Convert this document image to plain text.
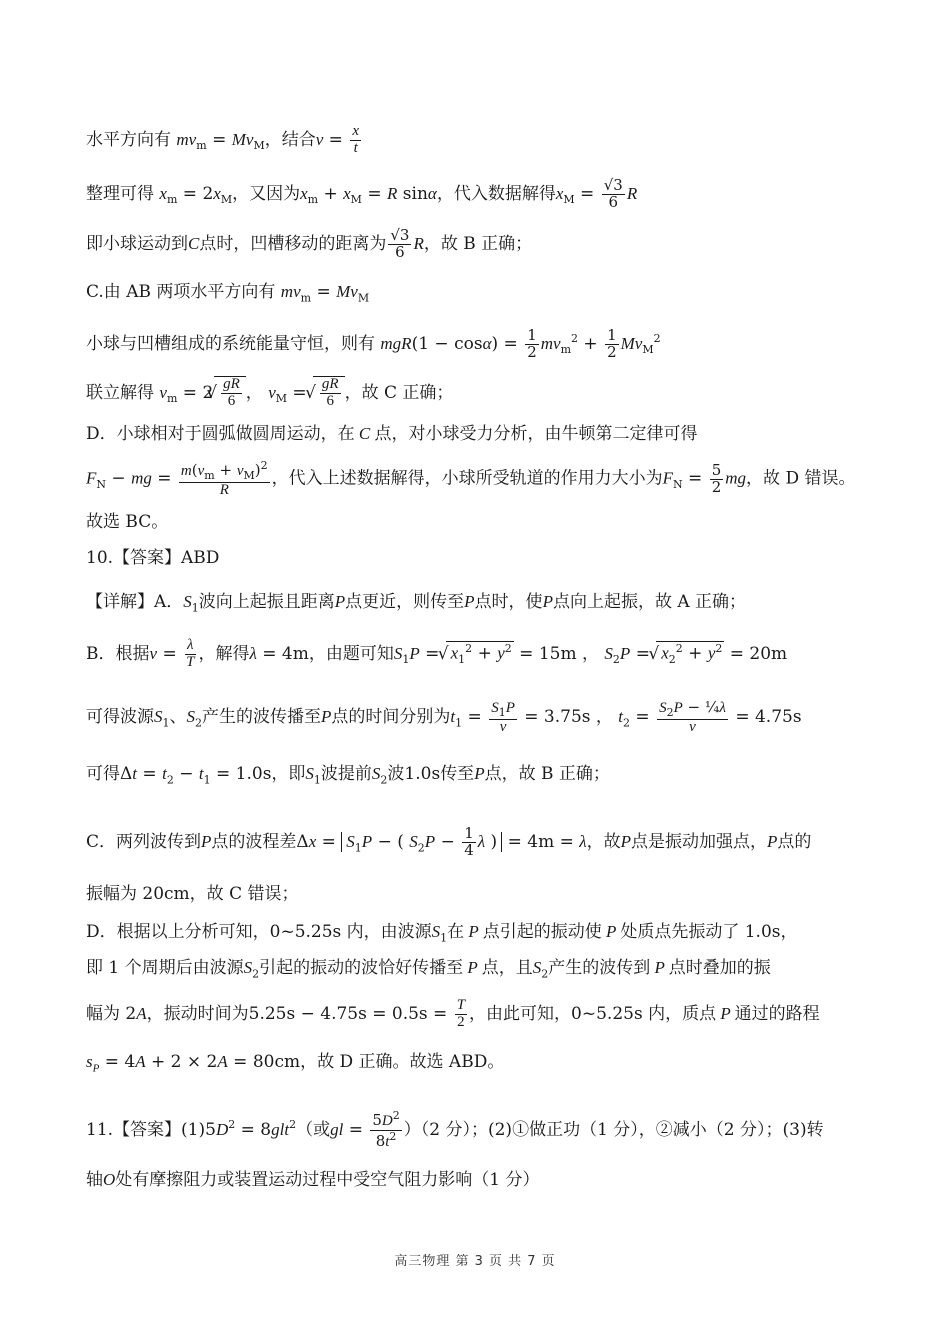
水平方向有 $mv_m = Mv_M$，结合$v = \frac{x}{t}$
整理可得 $x_m = 2x_M$，又因为$x_m + x_M = R$ sinα，代入数据解得$x_M = \frac{√3}{6}$ R
即小球运动到C点时，凹槽移动的距离为 $\frac{√3}{6}$ R，故 B 正确；
C.由 AB 两项水平方向有 $mv_m = Mv_M$
小球与凹槽组成的系统能量守恒，则有 $mgR(1 - \cos\alpha) = \frac{1}{2} mv_m^2 + \frac{1}{2} Mv_M^2$
联立解得 $v_m = 2$ √ $\frac{gR}{6}$ ， $v_M$ = √ $\frac{gR}{6}$ ，故 C 正确；
D．小球相对于圆弧做圆周运动，在 C 点，对小球受力分析，由牛顿第二定律可得
$F_N$ − mg = $\frac{m(v_m + v_M)^2}{R}$ ，代入上述数据解得，小球所受轨道的作用力大小为$F_N = \frac{5}{2}$ mg，故 D 错误。
故选 BC。
10.【答案】ABD
【详解】A．$S_1$波向上起振且距离P点更近，则传至P点时，使P点向上起振，故 A 正确；
B．根据$v = \frac{\lambda}{T}$ ，解得λ = 4m，由题可知$S_1P$ = √ $x_1^2 + y^2 = 15m$ ， $S_2P$ = √ $x_2^2 + y^2 = 20m$
可得波源$S_1$、$S_2$产生的波传播至P点的时间分别为$t_1 = \frac{S_1P}{v} = 3.75s$ ， $t_2 = \frac{S_2P - \frac{1}{4}\lambda}{v} = 4.75s$
可得$\Delta t = t_2 - t_1 = 1.0s$，即$S_1$波提前$S_2$波1.0s传至P点，故 B 正确；
C．两列波传到P点的波程差$\Delta x = S_1P$ − ( $S_2P - \frac{1}{4}$ λ ) = 4m = λ，故P点是振动加强点，P点的
振幅为 20cm，故 C 错误；
D．根据以上分析可知，0~5.25s 内，由波源$S_1$在 P 点引起的振动使 P 处质点先振动了 1.0s，
即 1 个周期后由波源$S_2$引起的振动的波恰好传播至 P 点，且$S_2$产生的波传到 P 点时叠加的振
幅为 2A，振动时间为$5.25s - 4.75s = 0.5s = \frac{T}{2}$ ，由此可知，0~5.25s 内，质点 P 通过的路程
$s_P = 4A + 2 \times 2A = 80cm$，故 D 正确。故选 ABD。
11.【答案】$(1)5D^2 = 8glt^2$（或gl = $\frac{5D^2}{8t^2} )(2$ 分）；(2)①做正功（1 分），②减小（2 分）；(3)转
轴O处有摩擦阻力或装置运动过程中受空气阻力影响（1 分）
高三物理 第 3 页 共 7 页
